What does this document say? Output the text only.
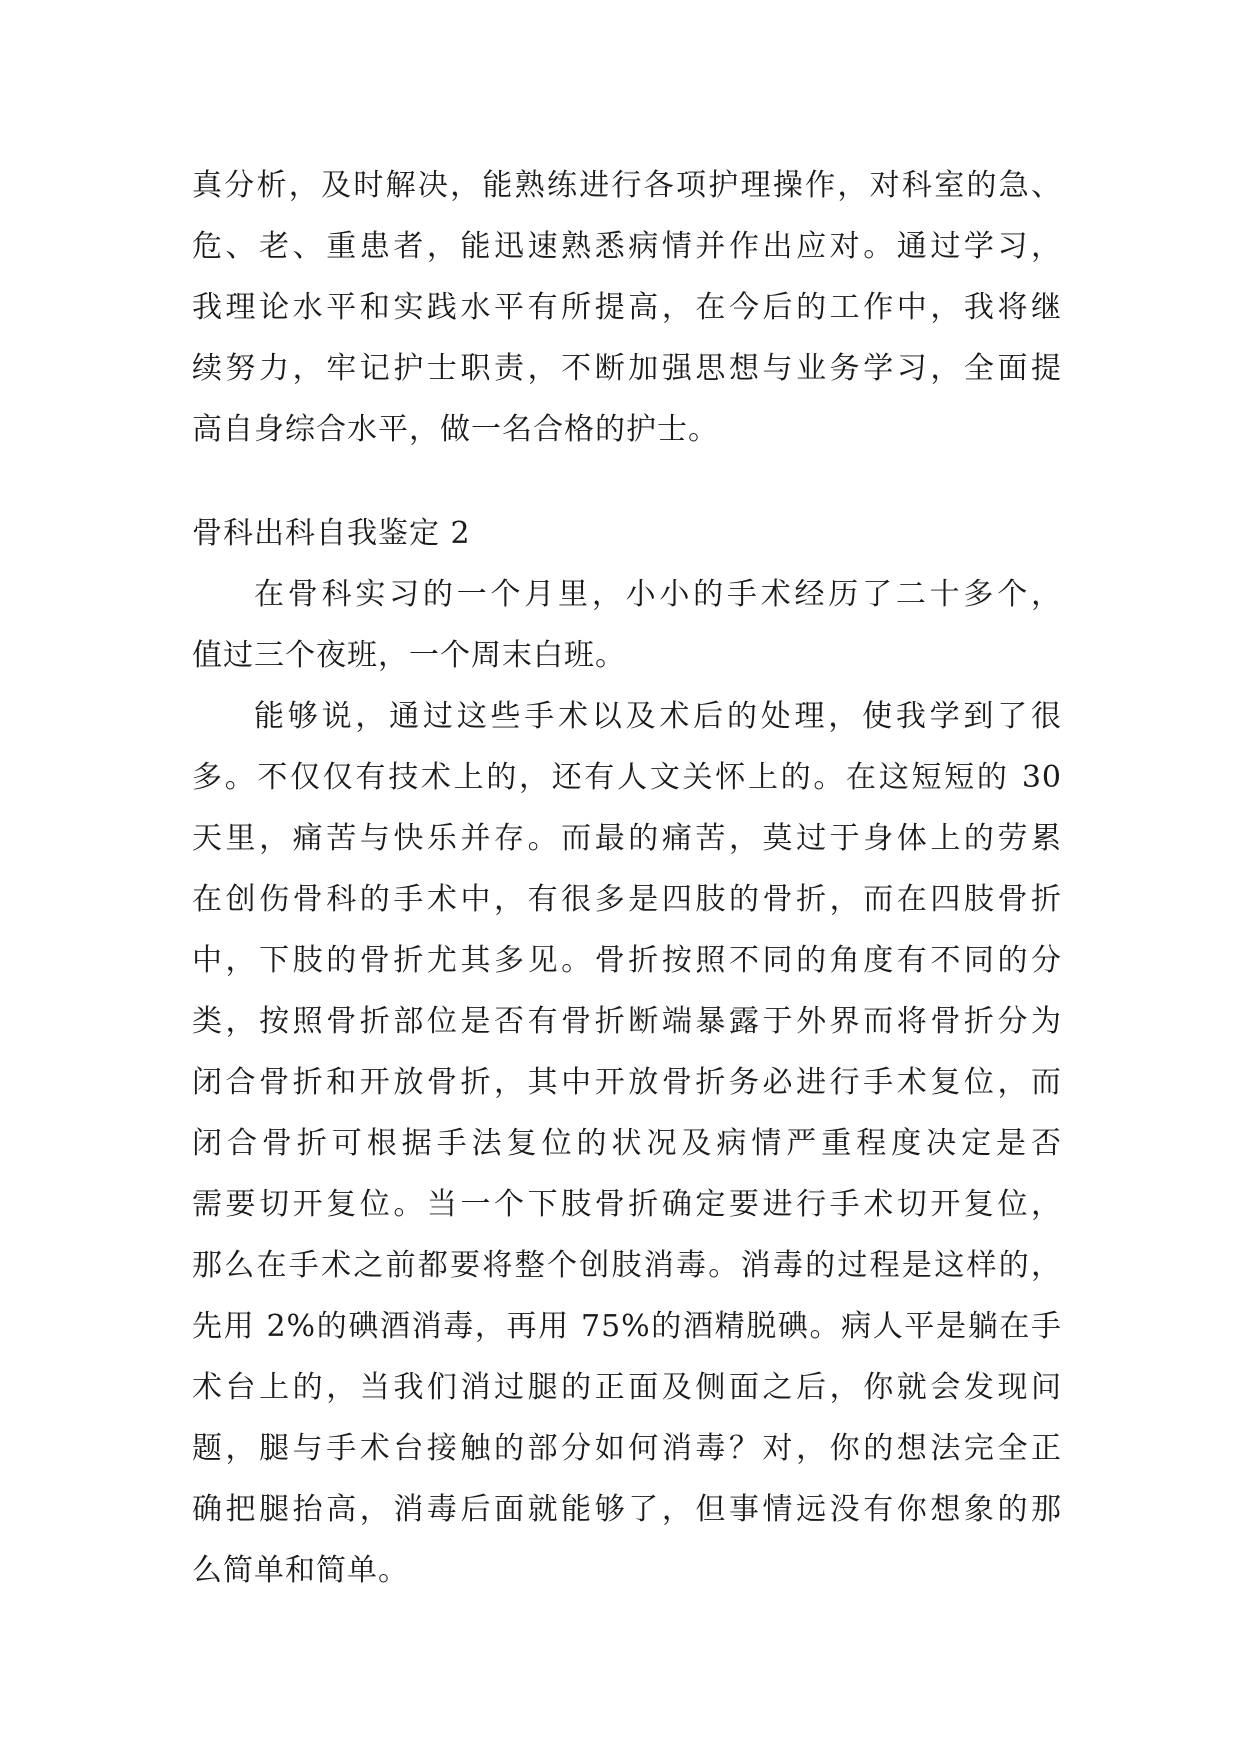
真分析，及时解决，能熟练进行各项护理操作，对科室的急、
危、老、重患者，能迅速熟悉病情并作出应对。通过学习，
我理论水平和实践水平有所提高，在今后的工作中，我将继
续努力，牢记护士职责，不断加强思想与业务学习，全面提
高自身综合水平，做一名合格的护士。
骨科出科自我鉴定 2
在骨科实习的一个月里，小小的手术经历了二十多个，
值过三个夜班，一个周末白班。
能够说，通过这些手术以及术后的处理，使我学到了很
多。不仅仅有技术上的，还有人文关怀上的。在这短短的 30
天里，痛苦与快乐并存。而最的痛苦，莫过于身体上的劳累
在创伤骨科的手术中，有很多是四肢的骨折，而在四肢骨折
中，下肢的骨折尤其多见。骨折按照不同的角度有不同的分
类，按照骨折部位是否有骨折断端暴露于外界而将骨折分为
闭合骨折和开放骨折，其中开放骨折务必进行手术复位，而
闭合骨折可根据手法复位的状况及病情严重程度决定是否
需要切开复位。当一个下肢骨折确定要进行手术切开复位，
那么在手术之前都要将整个创肢消毒。消毒的过程是这样的，
先用 2%的碘酒消毒，再用 75%的酒精脱碘。病人平是躺在手
术台上的，当我们消过腿的正面及侧面之后，你就会发现问
题，腿与手术台接触的部分如何消毒？对，你的想法完全正
确把腿抬高，消毒后面就能够了，但事情远没有你想象的那
么简单和简单。
